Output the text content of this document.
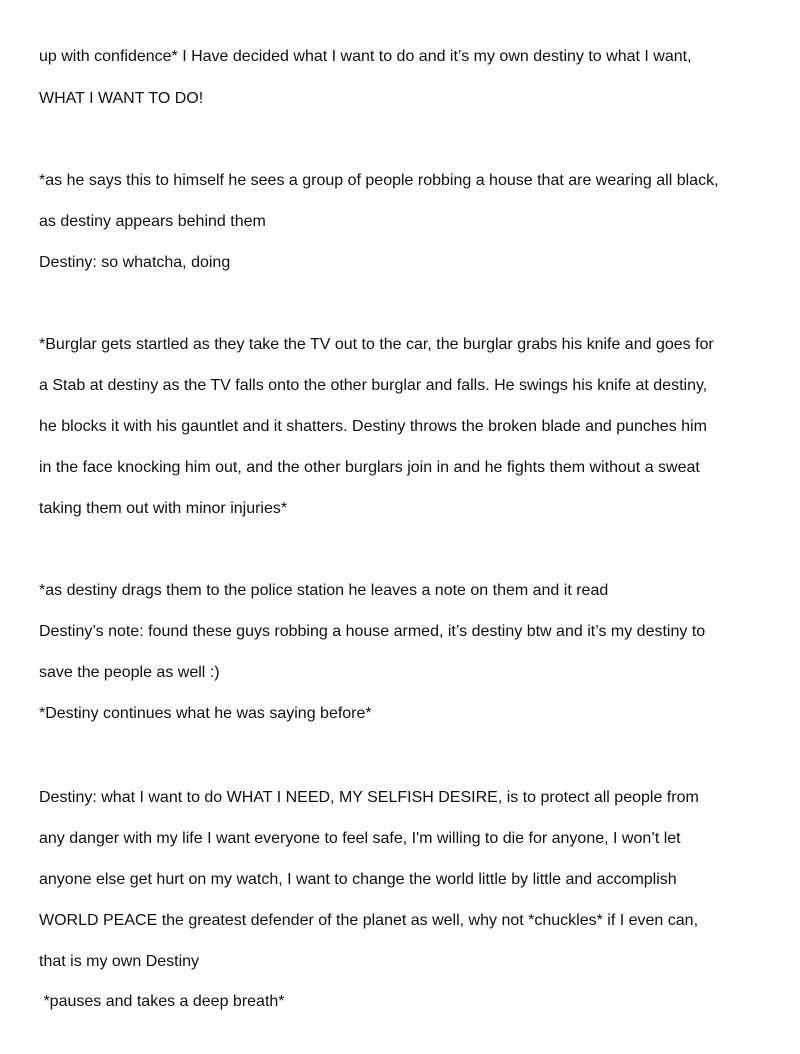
up with confidence* I Have decided what I want to do and it’s my own destiny to what I want,
WHAT I WANT TO DO!
*as he says this to himself he sees a group of people robbing a house that are wearing all black,
as destiny appears behind them
Destiny: so whatcha, doing
*Burglar gets startled as they take the TV out to the car, the burglar grabs his knife and goes for
a Stab at destiny as the TV falls onto the other burglar and falls. He swings his knife at destiny,
he blocks it with his gauntlet and it shatters. Destiny throws the broken blade and punches him
in the face knocking him out, and the other burglars join in and he fights them without a sweat
taking them out with minor injuries*
*as destiny drags them to the police station he leaves a note on them and it read
Destiny’s note: found these guys robbing a house armed, it’s destiny btw and it’s my destiny to
save the people as well :)
*Destiny continues what he was saying before*
Destiny: what I want to do WHAT I NEED, MY SELFISH DESIRE, is to protect all people from
any danger with my life I want everyone to feel safe, I'm willing to die for anyone, I won’t let
anyone else get hurt on my watch, I want to change the world little by little and accomplish
WORLD PEACE the greatest defender of the planet as well, why not *chuckles* if I even can,
that is my own Destiny
*pauses and takes a deep breath*
